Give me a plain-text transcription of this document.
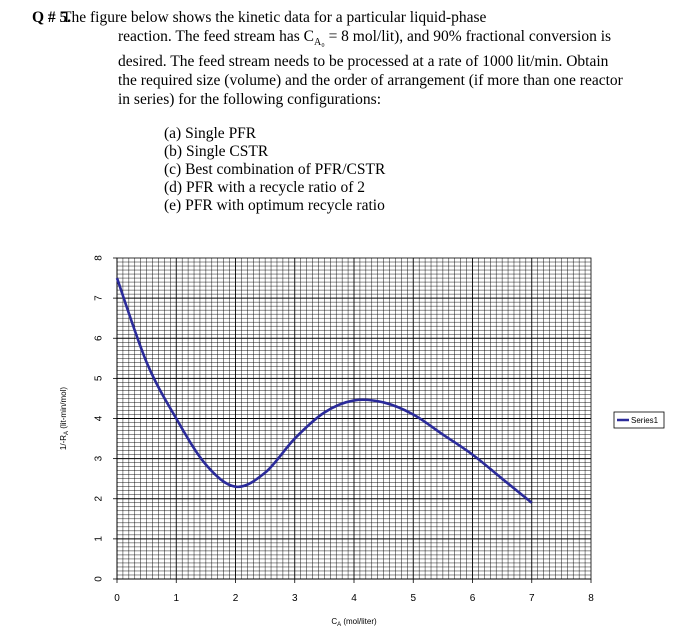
Q # 5.
The figure below shows the kinetic data for a particular liquid-phase
reaction. The feed stream has $C_{A_0} = 8$ mol/lit), and 90% fractional conversion is
desired. The feed stream needs to be processed at a rate of 1000 lit/min. Obtain
the required size (volume) and the order of arrangement (if more than one reactor
in series) for the following configurations:
(a) Single PFR
(b) Single CSTR
(c) Best combination of PFR/CSTR
(d) PFR with a recycle ratio of 2
(e) PFR with optimum recycle ratio
0
1
2
3
4
5
6
7
8
0	1	2	3	4	5	6	7	8
$1/-R_A$ (lit-min/mol)
$C_A$ (mol/liter)
Series1
